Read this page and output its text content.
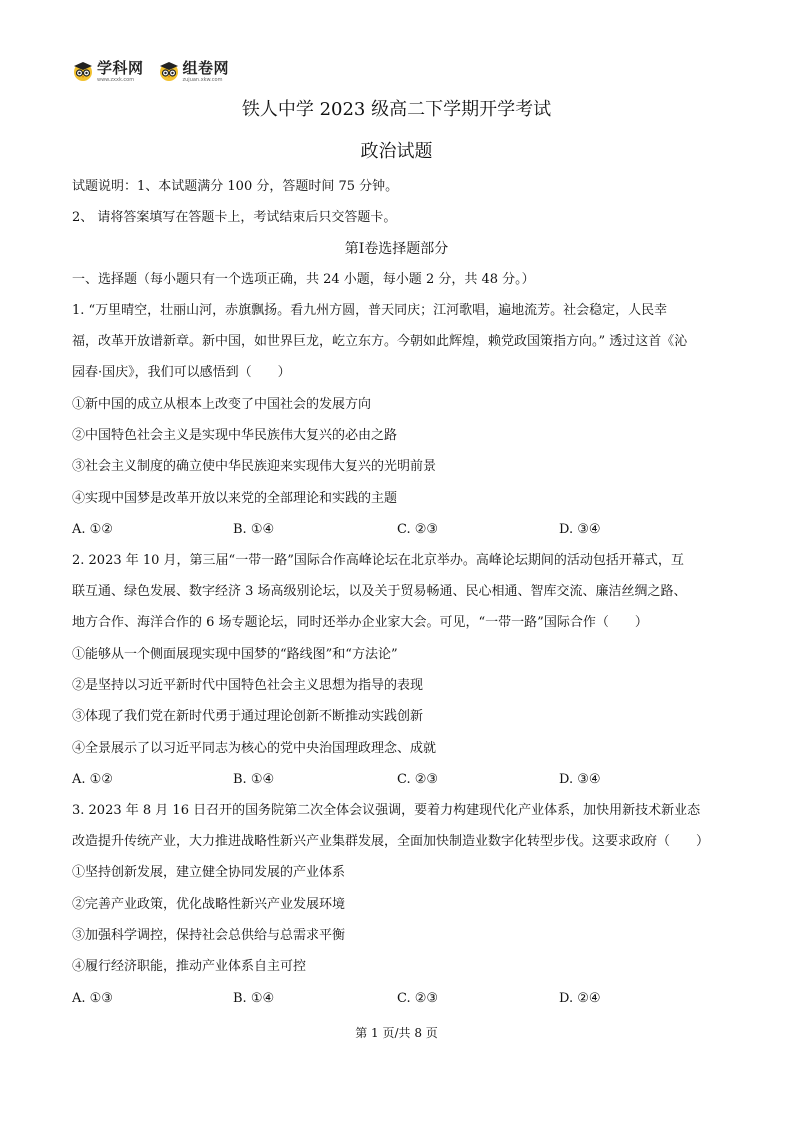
学科网
www.zxxk.com
组卷网
zujuan.xkw.com
铁人中学 2023 级高二下学期开学考试
政治试题
试题说明：1、本试题满分 100 分，答题时间 75 分钟。
2、 请将答案填写在答题卡上，考试结束后只交答题卡。
第Ⅰ卷选择题部分
一、选择题（每小题只有一个选项正确，共 24 小题，每小题 2 分，共 48 分。）
1. “万里晴空，壮丽山河，赤旗飘扬。看九州方圆，普天同庆；江河歌唱，遍地流芳。社会稳定，人民幸
福，改革开放谱新章。新中国，如世界巨龙，屹立东方。今朝如此辉煌，赖党政国策指方向。” 透过这首《沁
园春·国庆》，我们可以感悟到（　　）
①新中国的成立从根本上改变了中国社会的发展方向
②中国特色社会主义是实现中华民族伟大复兴的必由之路
③社会主义制度的确立使中华民族迎来实现伟大复兴的光明前景
④实现中国梦是改革开放以来党的全部理论和实践的主题
A. ①②	B. ①④	C. ②③	D. ③④
2. 2023 年 10 月，第三届“一带一路”国际合作高峰论坛在北京举办。高峰论坛期间的活动包括开幕式，互
联互通、绿色发展、数字经济 3 场高级别论坛，以及关于贸易畅通、民心相通、智库交流、廉洁丝绸之路、
地方合作、海洋合作的 6 场专题论坛，同时还举办企业家大会。可见，“一带一路”国际合作（　　）
①能够从一个侧面展现实现中国梦的“路线图”和“方法论”
②是坚持以习近平新时代中国特色社会主义思想为指导的表现
③体现了我们党在新时代勇于通过理论创新不断推动实践创新
④全景展示了以习近平同志为核心的党中央治国理政理念、成就
A. ①②	B. ①④	C. ②③	D. ③④
3. 2023 年 8 月 16 日召开的国务院第二次全体会议强调，要着力构建现代化产业体系，加快用新技术新业态
改造提升传统产业，大力推进战略性新兴产业集群发展，全面加快制造业数字化转型步伐。这要求政府（　　）
①坚持创新发展，建立健全协同发展的产业体系
②完善产业政策，优化战略性新兴产业发展环境
③加强科学调控，保持社会总供给与总需求平衡
④履行经济职能，推动产业体系自主可控
A. ①③	B. ①④	C. ②③	D. ②④
第 1 页/共 8 页
